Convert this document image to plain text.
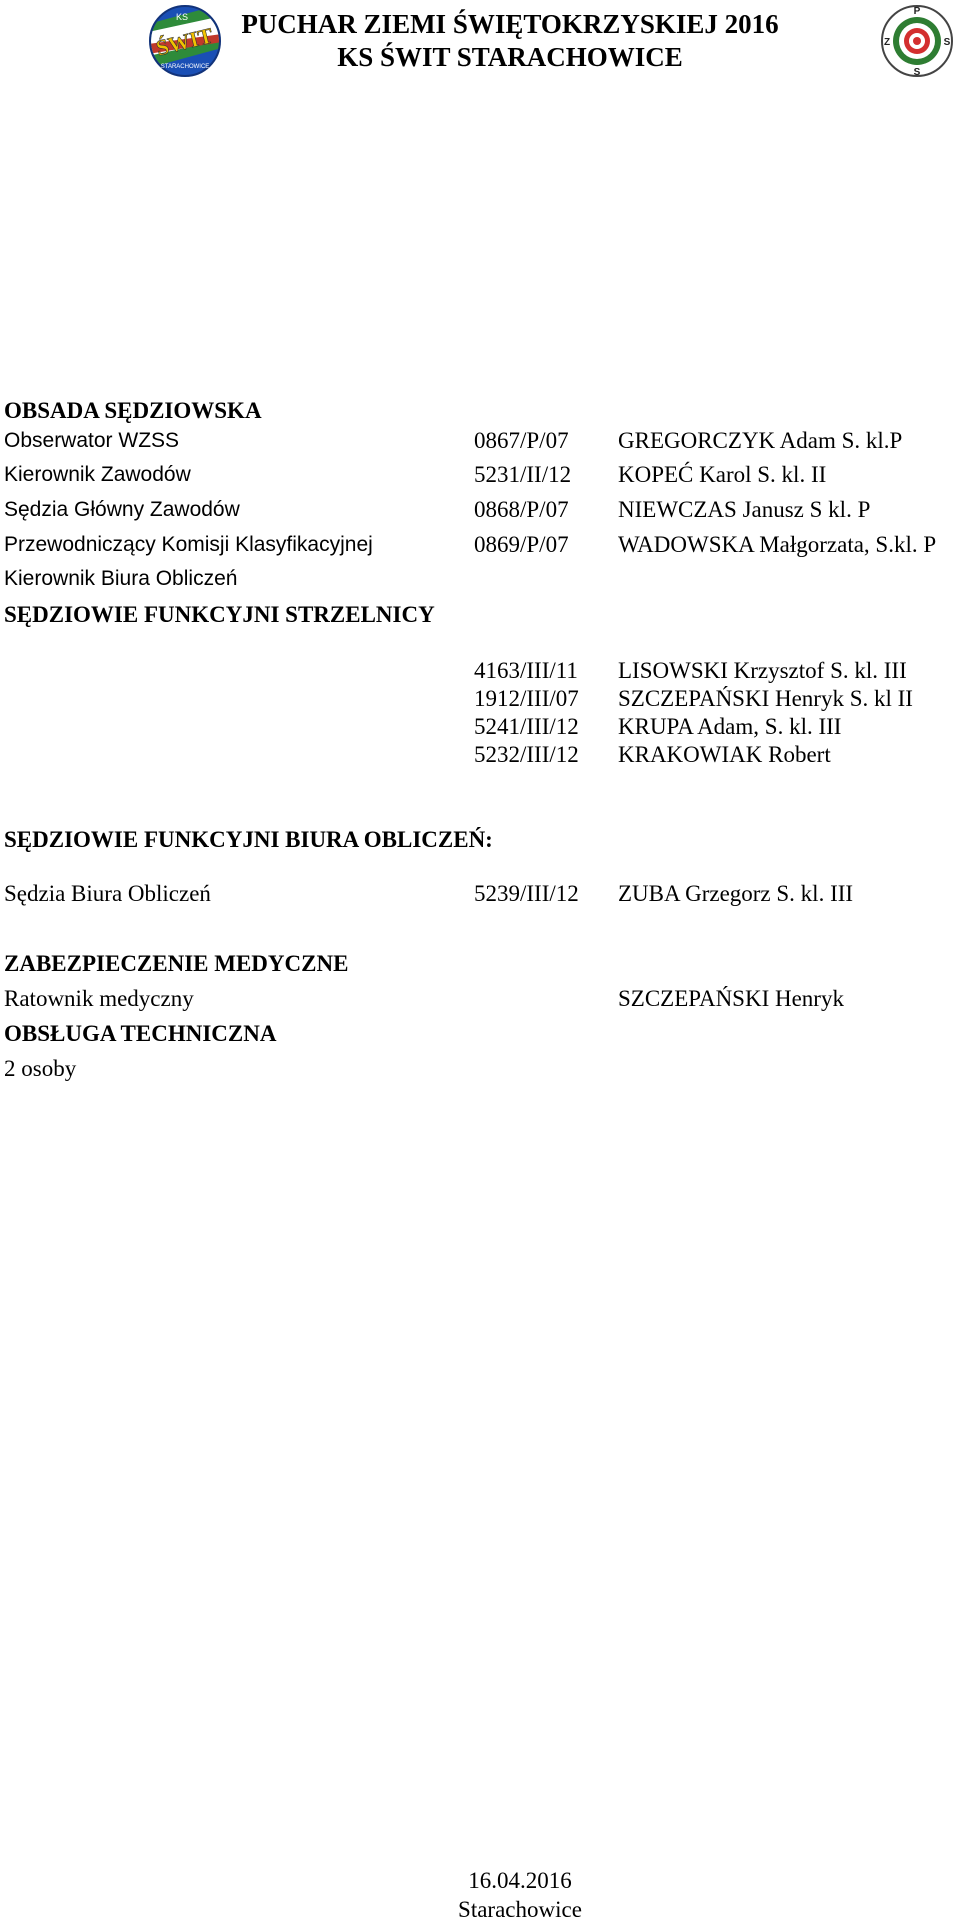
ŚWIT
KS
STARACHOWICE
P
Z	S
S
PUCHAR ZIEMI ŚWIĘTOKRZYSKIEJ 2016
KS ŚWIT STARACHOWICE
OBSADA SĘDZIOWSKA
Obserwator WZSS	0867/P/07 GREGORCZYK Adam S. kl.P
Kierownik Zawodów	5231/II/12 KOPEĆ Karol S. kl. II
Sędzia Główny Zawodów	0868/P/07 NIEWCZAS Janusz S kl. P
Przewodniczący Komisji Klasyfikacyjnej	0869/P/07 WADOWSKA Małgorzata, S.kl. P
Kierownik Biura Obliczeń
SĘDZIOWIE FUNKCYJNI STRZELNICY
4163/III/11 LISOWSKI Krzysztof S. kl. III
1912/III/07 SZCZEPAŃSKI Henryk S. kl II
5241/III/12 KRUPA Adam, S. kl. III
5232/III/12 KRAKOWIAK Robert
SĘDZIOWIE FUNKCYJNI BIURA OBLICZEŃ:
Sędzia Biura Obliczeń	5239/III/12 ZUBA Grzegorz S. kl. III
ZABEZPIECZENIE MEDYCZNE
Ratownik medyczny	SZCZEPAŃSKI Henryk
OBSŁUGA TECHNICZNA
2 osoby
16.04.2016
Starachowice
